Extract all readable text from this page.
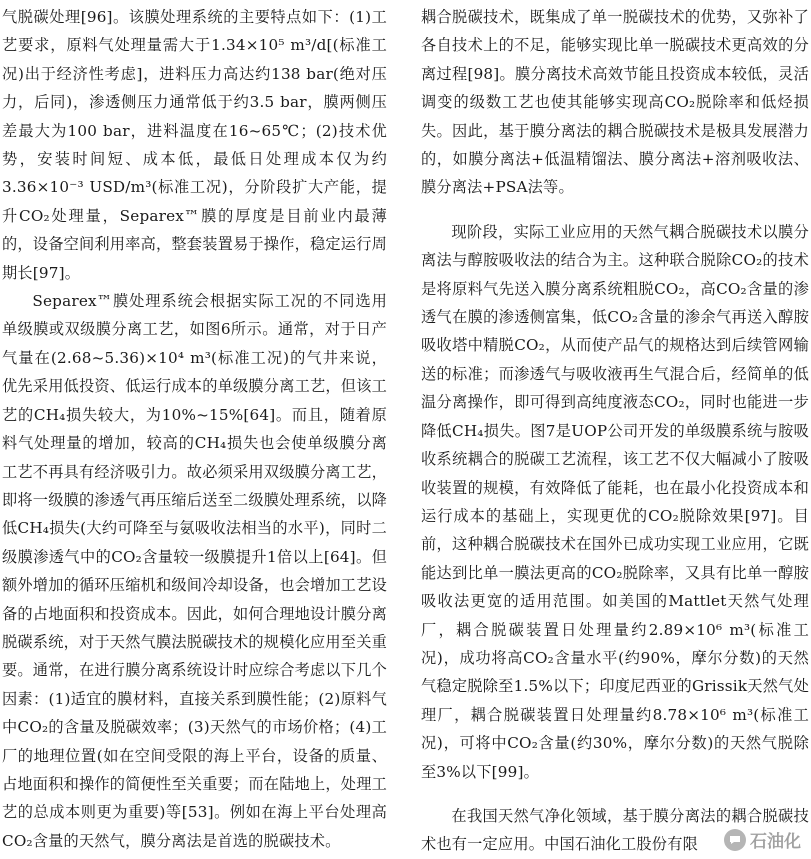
气脱碳处理[96]。该膜处理系统的主要特点如下：(1)工艺要求，原料气处理量需大于1.34×10⁵ m³/d[(标准工况)出于经济性考虑]，进料压力高达约138 bar(绝对压力，后同)，渗透侧压力通常低于约3.5 bar，膜两侧压差最大为100 bar，进料温度在16~65℃；(2)技术优势，安装时间短、成本低，最低日处理成本仅为约3.36×10⁻³ USD/m³(标准工况)，分阶段扩大产能，提升CO₂处理量，Separex™膜的厚度是目前业内最薄的，设备空间利用率高，整套装置易于操作，稳定运行周期长[97]。

Separex™膜处理系统会根据实际工况的不同选用单级膜或双级膜分离工艺，如图6所示。通常，对于日产气量在(2.68~5.36)×10⁴ m³(标准工况)的气井来说，优先采用低投资、低运行成本的单级膜分离工艺，但该工艺的CH₄损失较大，为10%~15%[64]。而且，随着原料气处理量的增加，较高的CH₄损失也会使单级膜分离工艺不再具有经济吸引力。故必须采用双级膜分离工艺，即将一级膜的渗透气再压缩后送至二级膜处理系统，以降低CH₄损失(大约可降至与氨吸收法相当的水平)，同时二级膜渗透气中的CO₂含量较一级膜提升1倍以上[64]。但额外增加的循环压缩机和级间冷却设备，也会增加工艺设备的占地面积和投资成本。因此，如何合理地设计膜分离脱碳系统，对于天然气膜法脱碳技术的规模化应用至关重要。通常，在进行膜分离系统设计时应综合考虑以下几个因素：(1)适宜的膜材料，直接关系到膜性能；(2)原料气中CO₂的含量及脱碳效率；(3)天然气的市场价格；(4)工厂的地理位置(如在空间受限的海上平台，设备的质量、占地面积和操作的简便性至关重要；而在陆地上，处理工艺的总成本则更为重要)等[53]。例如在海上平台处理高CO₂含量的天然气，膜分离法是首选的脱碳技术。

耦合脱碳技术，既集成了单一脱碳技术的优势，又弥补了各自技术上的不足，能够实现比单一脱碳技术更高效的分离过程[98]。膜分离技术高效节能且投资成本较低，灵活调变的级数工艺也使其能够实现高CO₂脱除率和低烃损失。因此，基于膜分离法的耦合脱碳技术是极具发展潜力的，如膜分离法+低温精馏法、膜分离法+溶剂吸收法、膜分离法+PSA法等。

现阶段，实际工业应用的天然气耦合脱碳技术以膜分离法与醇胺吸收法的结合为主。这种联合脱除CO₂的技术是将原料气先送入膜分离系统粗脱CO₂，高CO₂含量的渗透气在膜的渗透侧富集，低CO₂含量的渗余气再送入醇胺吸收塔中精脱CO₂，从而使产品气的规格达到后续管网输送的标准；而渗透气与吸收液再生气混合后，经简单的低温分离操作，即可得到高纯度液态CO₂，同时也能进一步降低CH₄损失。图7是UOP公司开发的单级膜系统与胺吸收系统耦合的脱碳工艺流程，该工艺不仅大幅减小了胺吸收装置的规模，有效降低了能耗，也在最小化投资成本和运行成本的基础上，实现更优的CO₂脱除效果[97]。目前，这种耦合脱碳技术在国外已成功实现工业应用，它既能达到比单一膜法更高的CO₂脱除率，又具有比单一醇胺吸收法更宽的适用范围。如美国的Mattlet天然气处理厂，耦合脱碳装置日处理量约2.89×10⁶ m³(标准工况)，成功将高CO₂含量水平(约90%，摩尔分数)的天然气稳定脱除至1.5%以下；印度尼西亚的Grissik天然气处理厂，耦合脱碳装置日处理量约8.78×10⁶ m³(标准工况)，可将中CO₂含量(约30%，摩尔分数)的天然气脱除至3%以下[99]。

在我国天然气净化领域，基于膜分离法的耦合脱碳技术也有一定应用。中国石油化工股份有限	石油化
